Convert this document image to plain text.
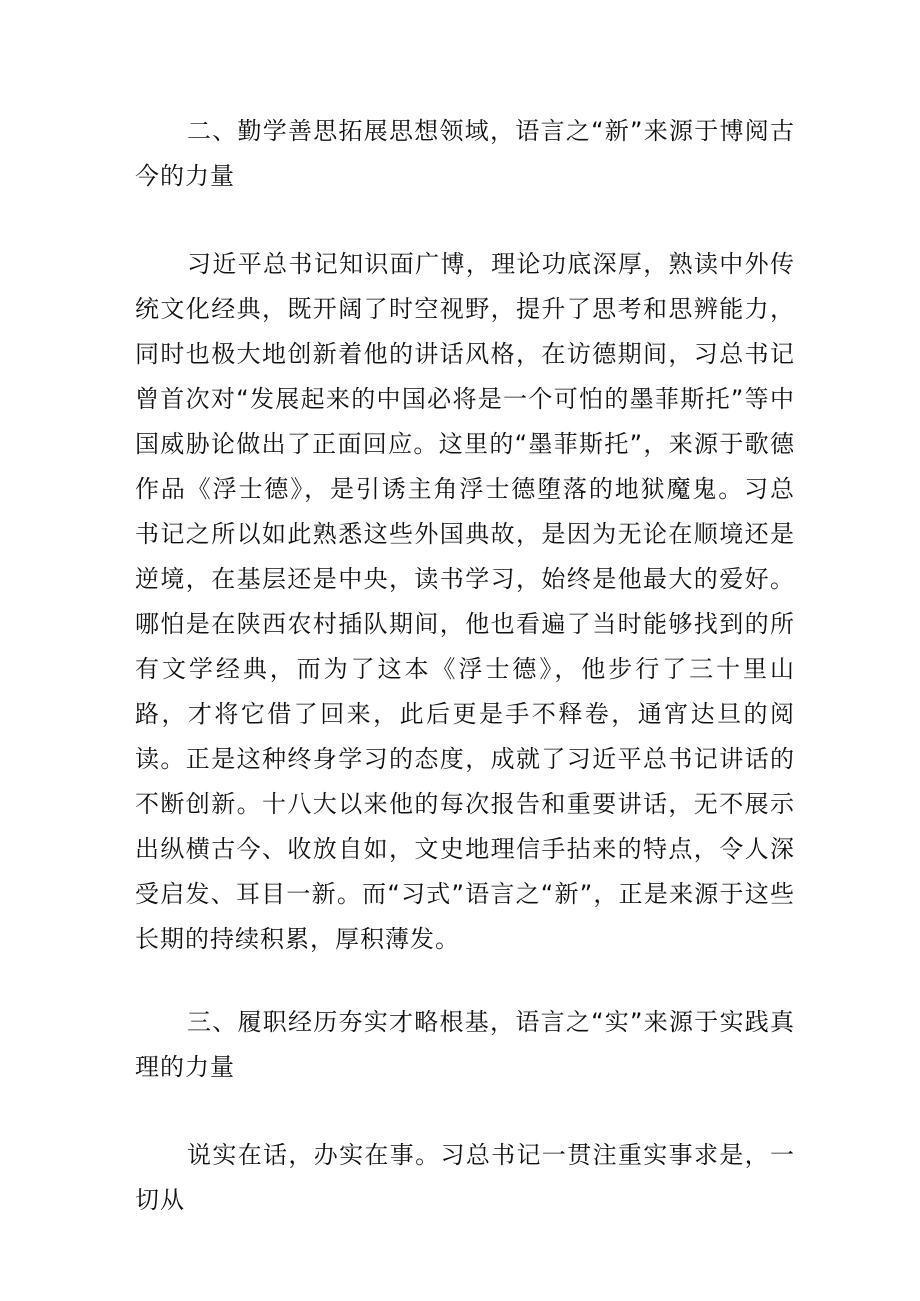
二、勤学善思拓展思想领域，语言之“新”来源于博阅古今的力量
习近平总书记知识面广博，理论功底深厚，熟读中外传统文化经典，既开阔了时空视野，提升了思考和思辨能力，同时也极大地创新着他的讲话风格，在访德期间，习总书记曾首次对“发展起来的中国必将是一个可怕的墨菲斯托”等中国威胁论做出了正面回应。这里的“墨菲斯托”，来源于歌德作品《浮士德》，是引诱主角浮士德堕落的地狱魔鬼。习总书记之所以如此熟悉这些外国典故，是因为无论在顺境还是逆境，在基层还是中央，读书学习，始终是他最大的爱好。哪怕是在陕西农村插队期间，他也看遍了当时能够找到的所有文学经典，而为了这本《浮士德》，他步行了三十里山路，才将它借了回来，此后更是手不释卷，通宵达旦的阅读。正是这种终身学习的态度，成就了习近平总书记讲话的不断创新。十八大以来他的每次报告和重要讲话，无不展示出纵横古今、收放自如，文史地理信手拈来的特点，令人深受启发、耳目一新。而“习式”语言之“新”，正是来源于这些长期的持续积累，厚积薄发。
三、履职经历夯实才略根基，语言之“实”来源于实践真理的力量
说实在话，办实在事。习总书记一贯注重实事求是，一切从
